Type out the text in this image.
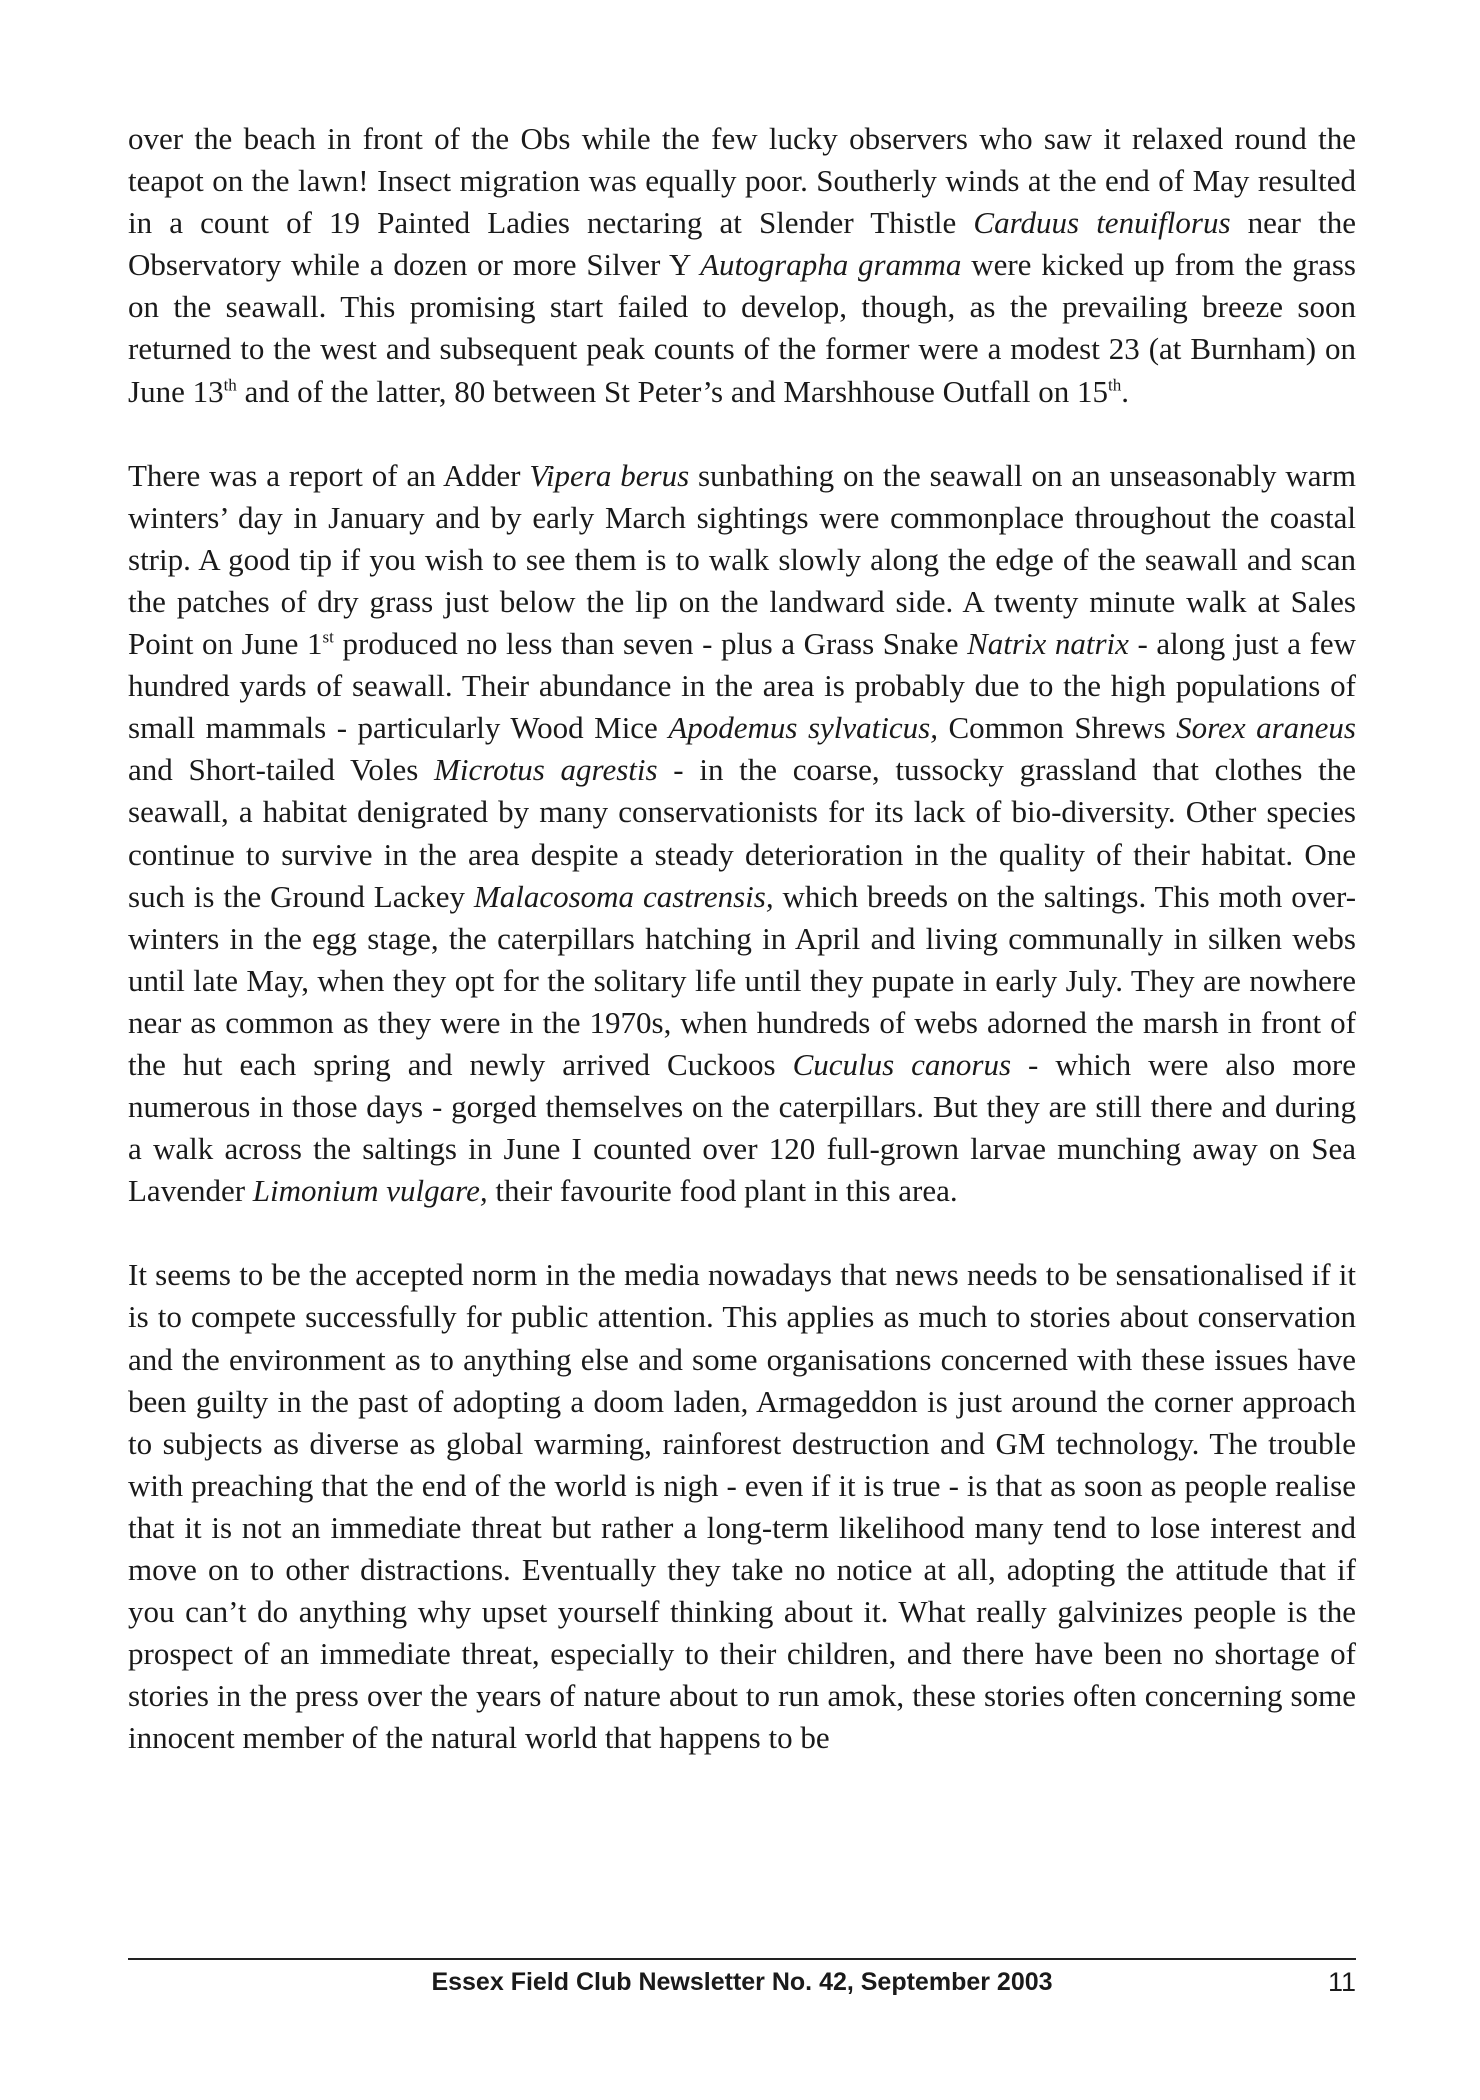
over the beach in front of the Obs while the few lucky observers who saw it relaxed round the teapot on the lawn! Insect migration was equally poor. Southerly winds at the end of May resulted in a count of 19 Painted Ladies nectaring at Slender Thistle Carduus tenuiflorus near the Observatory while a dozen or more Silver Y Autographa gramma were kicked up from the grass on the seawall. This promising start failed to develop, though, as the prevailing breeze soon returned to the west and subsequent peak counts of the former were a modest 23 (at Burnham) on June 13th and of the latter, 80 between St Peter’s and Marshhouse Outfall on 15th.

There was a report of an Adder Vipera berus sunbathing on the seawall on an unseasonably warm winters’ day in January and by early March sightings were commonplace throughout the coastal strip. A good tip if you wish to see them is to walk slowly along the edge of the seawall and scan the patches of dry grass just below the lip on the landward side. A twenty minute walk at Sales Point on June 1st produced no less than seven - plus a Grass Snake Natrix natrix - along just a few hundred yards of seawall. Their abundance in the area is probably due to the high populations of small mammals - particularly Wood Mice Apodemus sylvaticus, Common Shrews Sorex araneus and Short-tailed Voles Microtus agrestis - in the coarse, tussocky grassland that clothes the seawall, a habitat denigrated by many conservationists for its lack of bio-diversity. Other species continue to survive in the area despite a steady deterioration in the quality of their habitat. One such is the Ground Lackey Malacosoma castrensis, which breeds on the saltings. This moth over-winters in the egg stage, the caterpillars hatching in April and living communally in silken webs until late May, when they opt for the solitary life until they pupate in early July. They are nowhere near as common as they were in the 1970s, when hundreds of webs adorned the marsh in front of the hut each spring and newly arrived Cuckoos Cuculus canorus - which were also more numerous in those days - gorged themselves on the caterpillars. But they are still there and during a walk across the saltings in June I counted over 120 full-grown larvae munching away on Sea Lavender Limonium vulgare, their favourite food plant in this area.

It seems to be the accepted norm in the media nowadays that news needs to be sensationalised if it is to compete successfully for public attention. This applies as much to stories about conservation and the environment as to anything else and some organisations concerned with these issues have been guilty in the past of adopting a doom laden, Armageddon is just around the corner approach to subjects as diverse as global warming, rainforest destruction and GM technology. The trouble with preaching that the end of the world is nigh - even if it is true - is that as soon as people realise that it is not an immediate threat but rather a long-term likelihood many tend to lose interest and move on to other distractions. Eventually they take no notice at all, adopting the attitude that if you can’t do anything why upset yourself thinking about it. What really galvinizes people is the prospect of an immediate threat, especially to their children, and there have been no shortage of stories in the press over the years of nature about to run amok, these stories often concerning some innocent member of the natural world that happens to be

Essex Field Club Newsletter No. 42, September 2003	11
